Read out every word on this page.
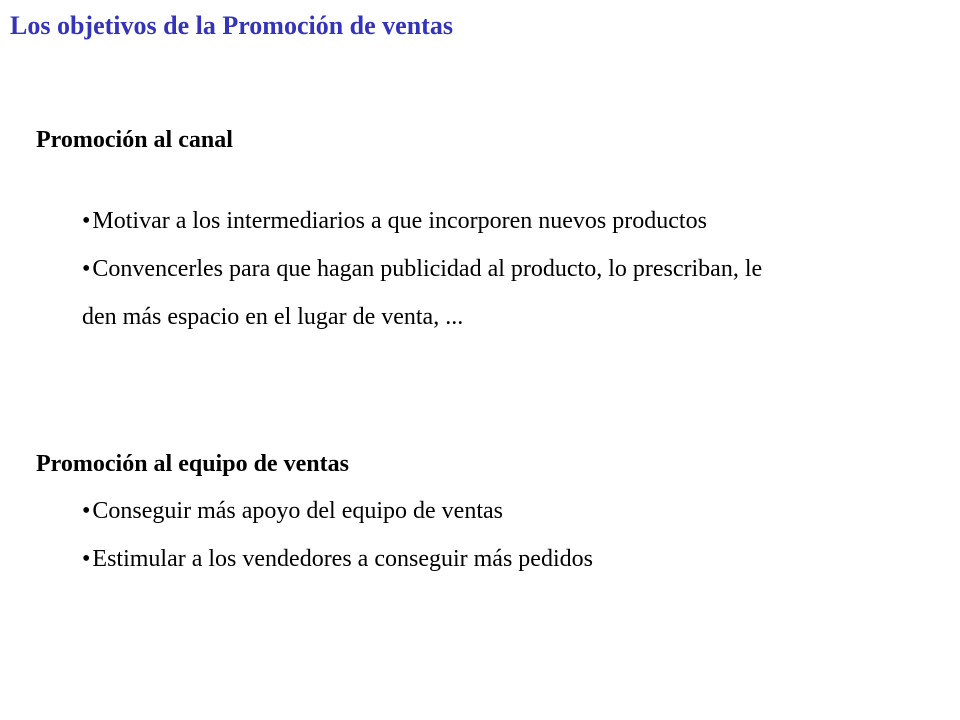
Los objetivos de la Promoción de ventas
Promoción al canal
•Motivar a los intermediarios a que incorporen nuevos productos
•Convencerles para que hagan publicidad al producto, lo prescriban, le den más espacio en el lugar de venta, ...
Promoción al equipo de ventas
•Conseguir más apoyo del equipo de ventas
•Estimular a los vendedores a conseguir más pedidos
